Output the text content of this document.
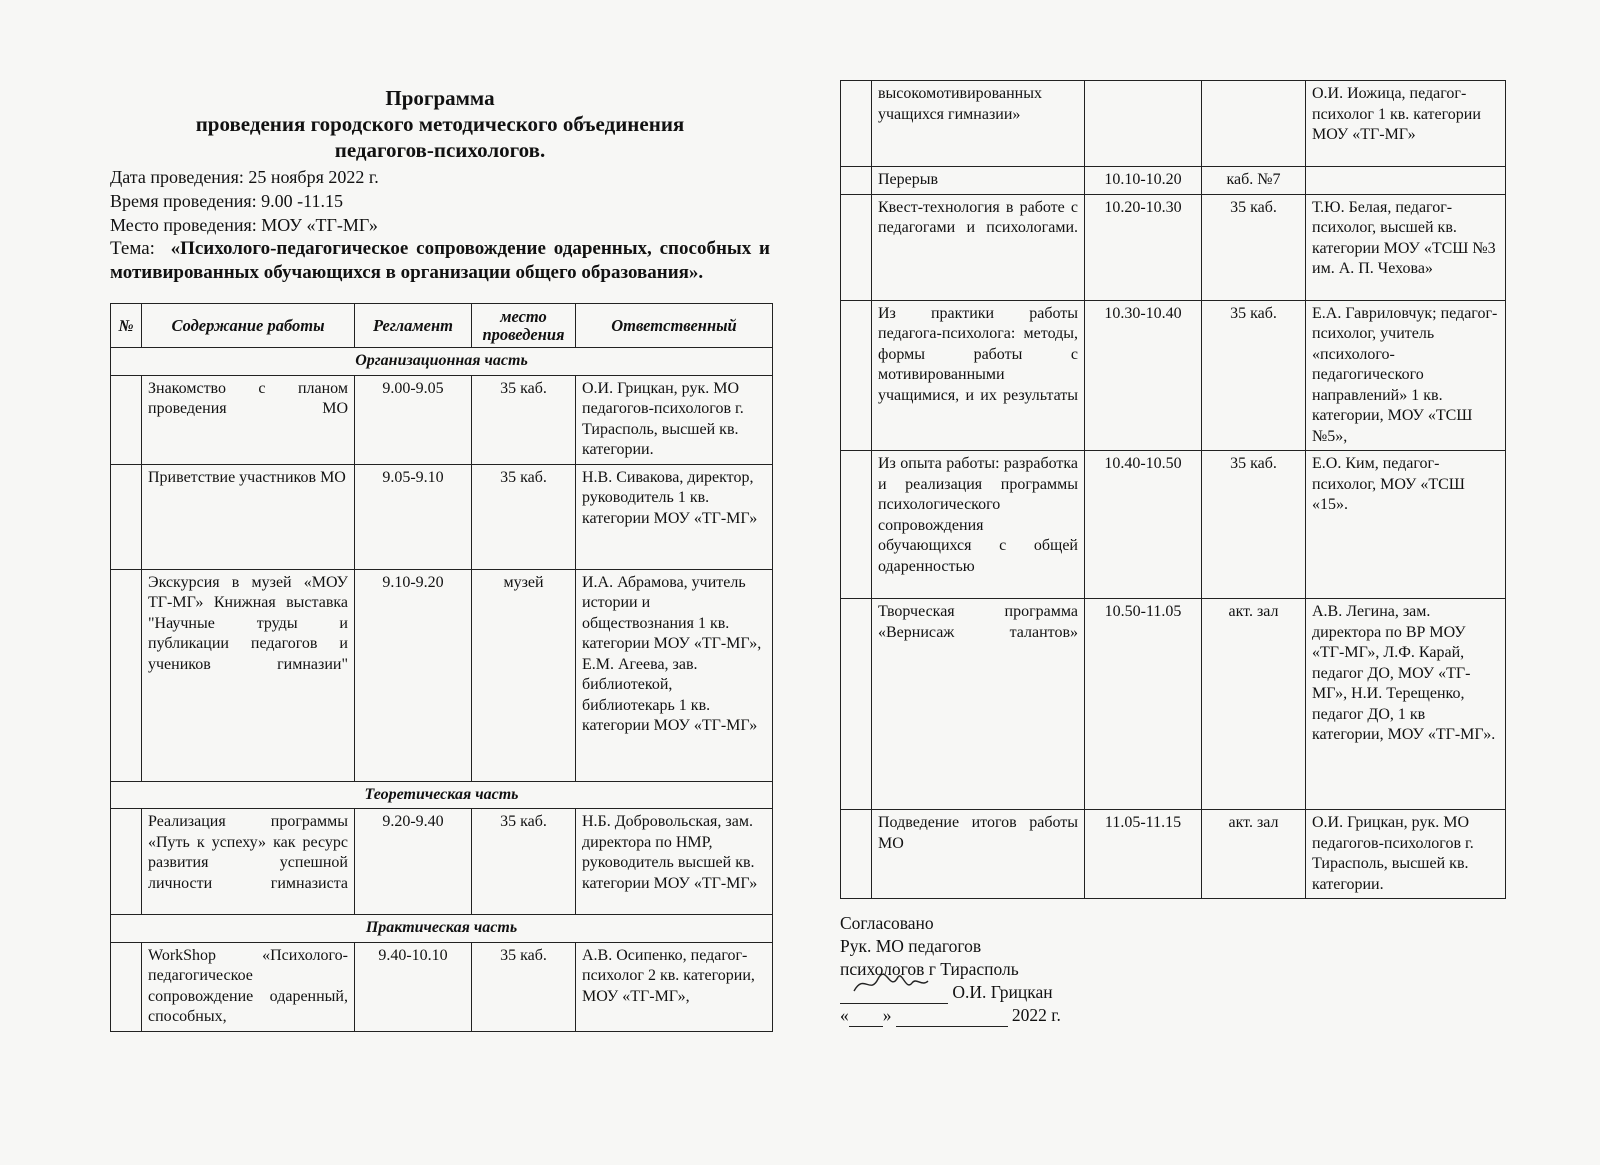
Программа

проведения городского методического объединения

педагогов-психологов.

Дата проведения: 25 ноября 2022 г.

Время проведения: 9.00 -11.15

Место проведения: МОУ «ТГ-МГ»

Тема: «Психолого-педагогическое сопровождение одаренных, способных и мотивированных обучающихся в организации общего образования».

№	Содержание работы	Регламент	место проведения	Ответственный
Организационная часть				
	Знакомство с планом проведения МО	9.00-9.05	35 каб.	О.И. Грицкан, рук. МО педагогов-психологов г. Тирасполь, высшей кв. категории.
	Приветствие участников МО	9.05-9.10	35 каб.	Н.В. Сивакова, директор, руководитель 1 кв. категории МОУ «ТГ-МГ»
	Экскурсия в музей «МОУ ТГ-МГ» Книжная выставка "Научные труды и публикации педагогов и учеников гимназии"	9.10-9.20	музей	И.А. Абрамова, учитель истории и обществознания 1 кв. категории МОУ «ТГ-МГ», Е.М. Агеева, зав. библиотекой, библиотекарь 1 кв. категории МОУ «ТГ-МГ»
Теоретическая часть				
	Реализация программы «Путь к успеху» как ресурс развития успешной личности гимназиста	9.20-9.40	35 каб.	Н.Б. Добровольская, зам. директора по НМР, руководитель высшей кв. категории МОУ «ТГ-МГ»
Практическая часть				
	WorkShop «Психолого-педагогическое сопровождение одаренный, способных,	9.40-10.10	35 каб.	А.В. Осипенко, педагог-психолог 2 кв. категории, МОУ «ТГ-МГ»,
	высокомотивированных учащихся гимназии»			О.И. Иожица, педагог-психолог 1 кв. категории МОУ «ТГ-МГ»
	Перерыв	10.10-10.20	каб. №7	
	Квест-технология в работе с педагогами и психологами.	10.20-10.30	35 каб.	Т.Ю. Белая, педагог-психолог, высшей кв. категории МОУ «ТСШ №3 им. А. П. Чехова»
	Из практики работы педагога-психолога: методы, формы работы с мотивированными учащимися, и их результаты	10.30-10.40	35 каб.	Е.А. Гавриловчук; педагог-психолог, учитель «психолого-педагогического направлений» 1 кв. категории, МОУ «ТСШ №5»,
	Из опыта работы: разработка и реализация программы психологического сопровождения обучающихся с общей одаренностью	10.40-10.50	35 каб.	Е.О. Ким, педагог-психолог, МОУ «ТСШ «15».
	Творческая программа «Вернисаж талантов»	10.50-11.05	акт. зал	А.В. Легина, зам. директора по ВР МОУ «ТГ-МГ», Л.Ф. Карай, педагог ДО, МОУ «ТГ-МГ», Н.И. Терещенко, педагог ДО, 1 кв категории, МОУ «ТГ-МГ».
	Подведение итогов работы МО	11.05-11.15	акт. зал	О.И. Грицкан, рук. МО педагогов-психологов г. Тирасполь, высшей кв. категории.
Согласовано
Рук. МО педагогов
психологов г Тирасполь
О.И. Грицкан
« »	2022 г.
